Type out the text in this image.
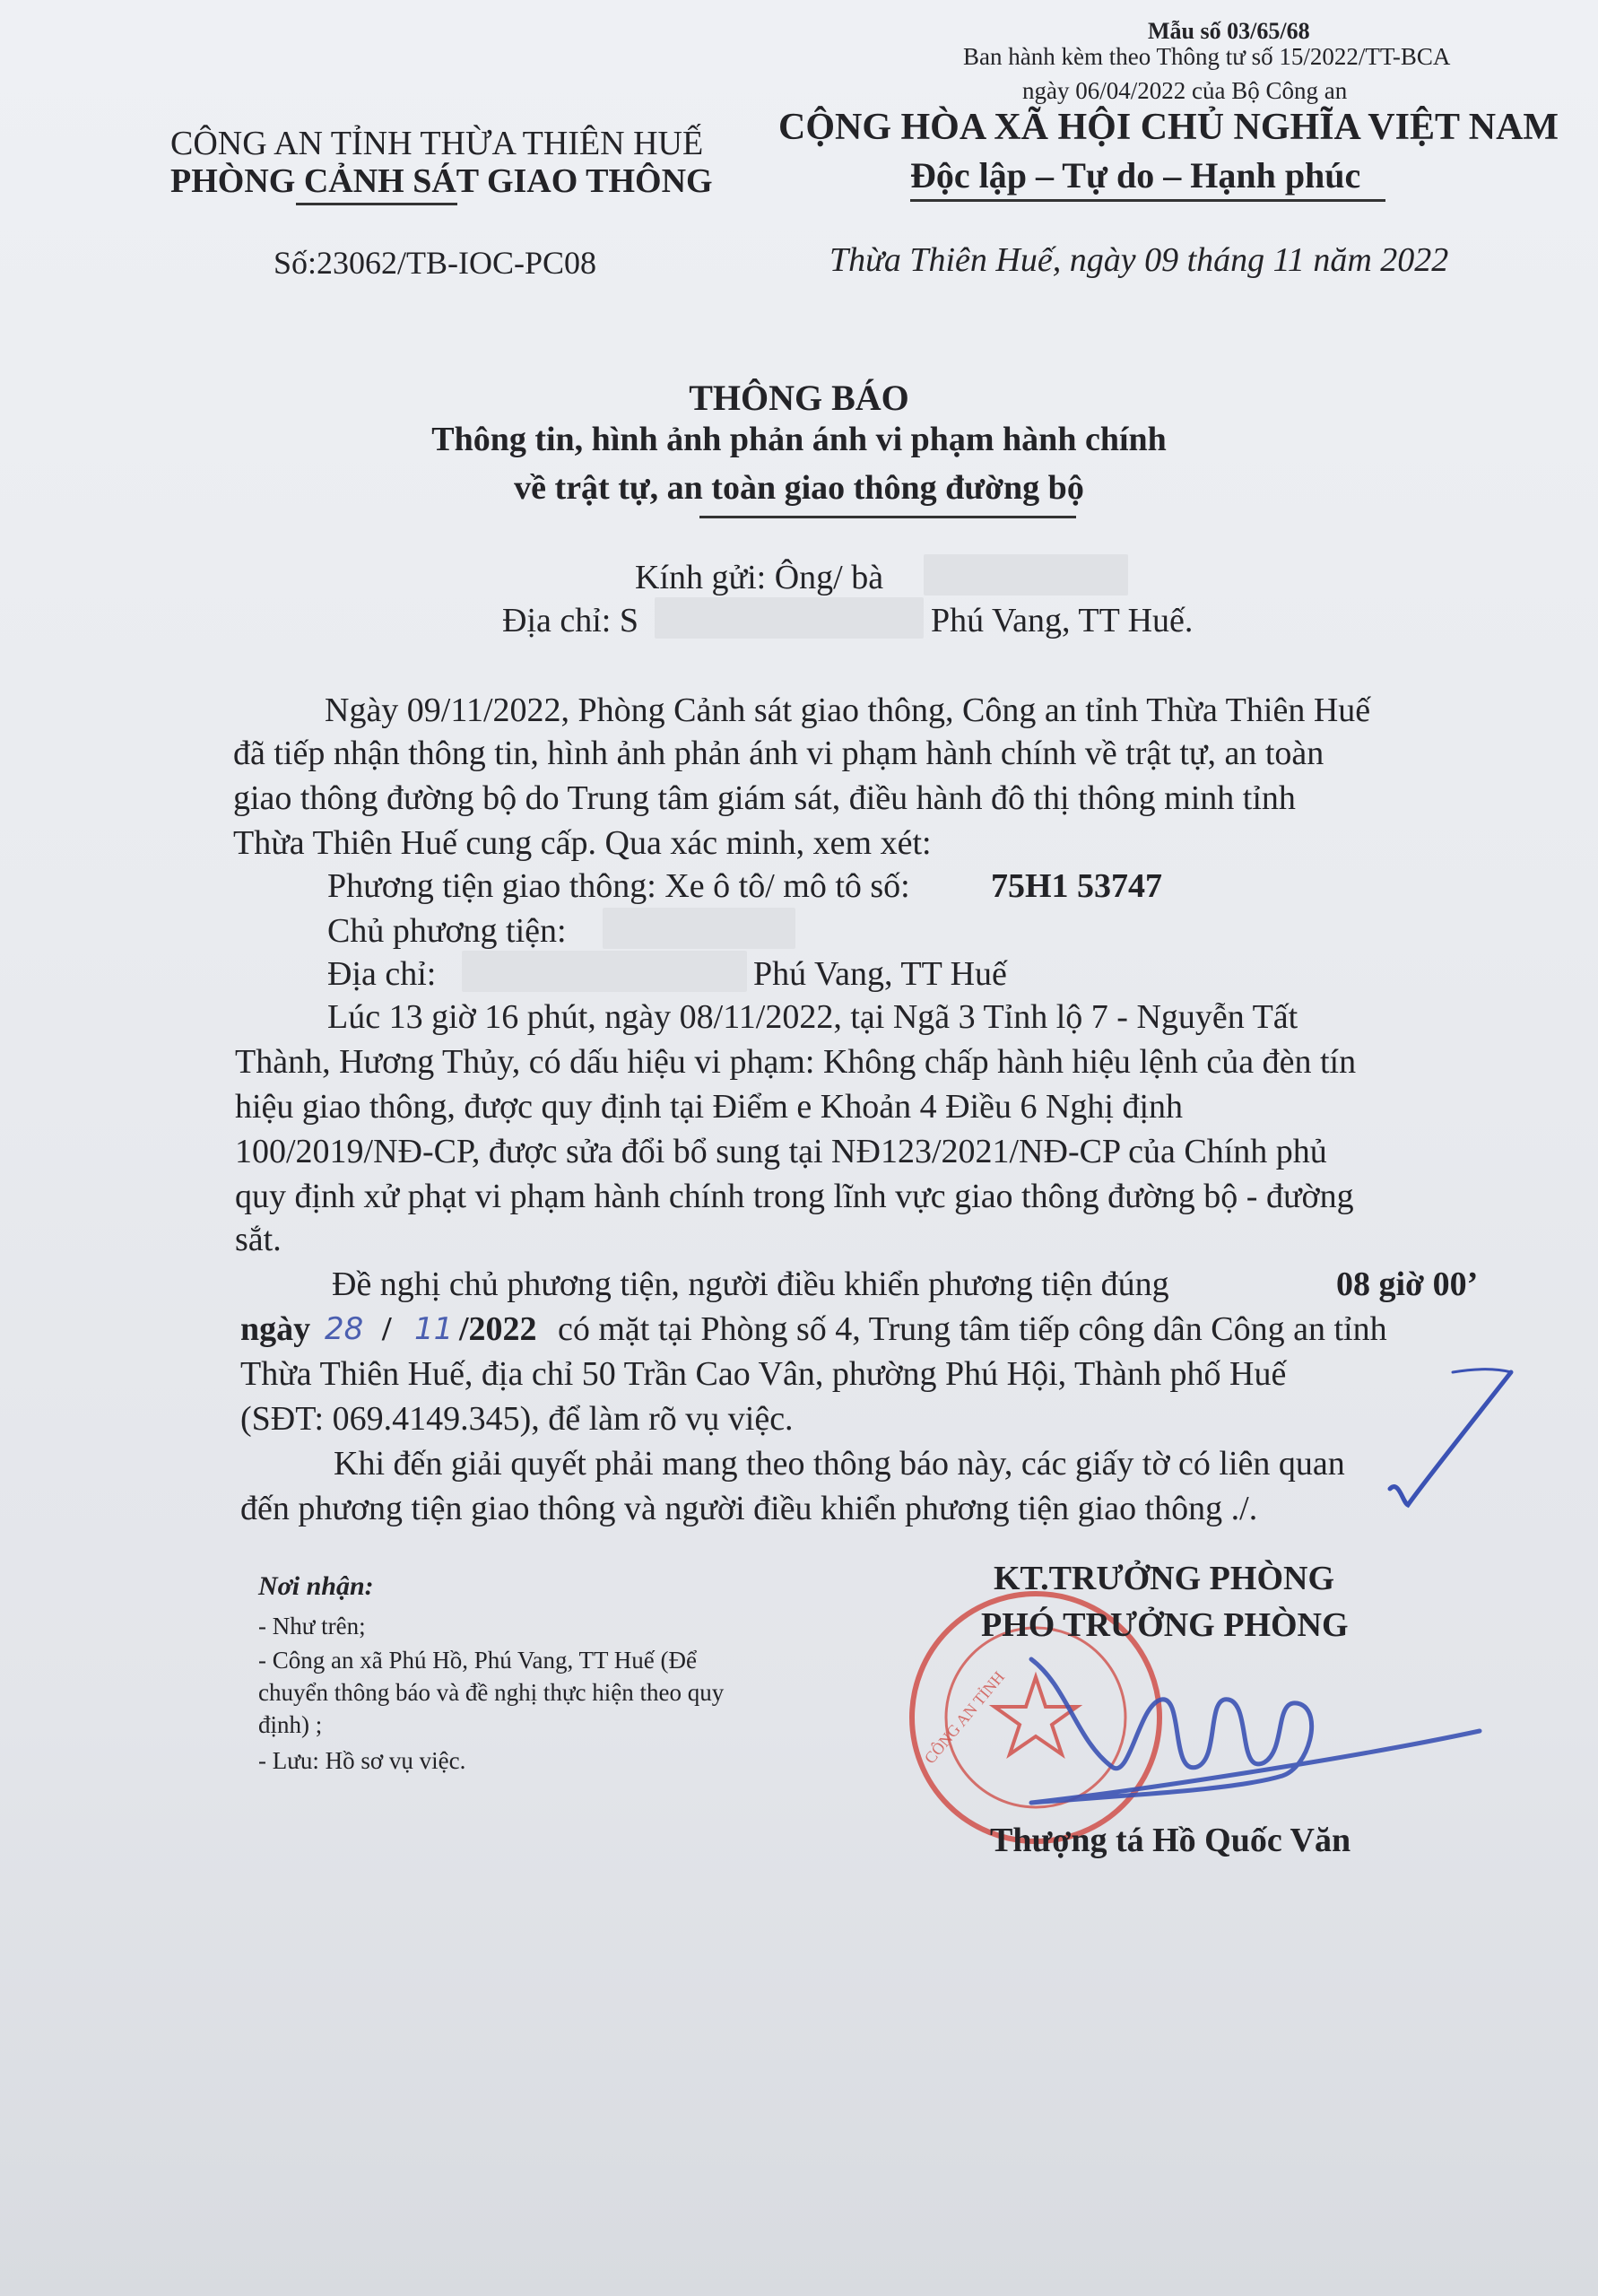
Mẫu số 03/65/68
Ban hành kèm theo Thông tư số 15/2022/TT-BCA
ngày 06/04/2022 của Bộ Công an
CÔNG AN TỈNH THỪA THIÊN HUẾ
PHÒNG CẢNH SÁT GIAO THÔNG
CỘNG HÒA XÃ HỘI CHỦ NGHĨA VIỆT NAM
Độc lập – Tự do – Hạnh phúc
Số:23062/TB-IOC-PC08	Thừa Thiên Huế, ngày 09 tháng 11 năm 2022
THÔNG BÁO
Thông tin, hình ảnh phản ánh vi phạm hành chính
về trật tự, an toàn giao thông đường bộ
Kính gửi: Ông/ bà
Địa chỉ: S	Phú Vang, TT Huế.
Ngày 09/11/2022, Phòng Cảnh sát giao thông, Công an tỉnh Thừa Thiên Huế
đã tiếp nhận thông tin, hình ảnh phản ánh vi phạm hành chính về trật tự, an toàn
giao thông đường bộ do Trung tâm giám sát, điều hành đô thị thông minh tỉnh
Thừa Thiên Huế cung cấp. Qua xác minh, xem xét:
Phương tiện giao thông: Xe ô tô/ mô tô số: 75H1 53747
Chủ phương tiện:
Địa chỉ:	Phú Vang, TT Huế
Lúc 13 giờ 16 phút, ngày 08/11/2022, tại Ngã 3 Tỉnh lộ 7 - Nguyễn Tất
Thành, Hương Thủy, có dấu hiệu vi phạm: Không chấp hành hiệu lệnh của đèn tín
hiệu giao thông, được quy định tại Điểm e Khoản 4 Điều 6 Nghị định
100/2019/NĐ-CP, được sửa đổi bổ sung tại NĐ123/2021/NĐ-CP của Chính phủ
quy định xử phạt vi phạm hành chính trong lĩnh vực giao thông đường bộ - đường
sắt.
Đề nghị chủ phương tiện, người điều khiển phương tiện đúng	08 giờ 00’
ngày 28 / 11 /2022 có mặt tại Phòng số 4, Trung tâm tiếp công dân Công an tỉnh
Thừa Thiên Huế, địa chỉ 50 Trần Cao Vân, phường Phú Hội, Thành phố Huế
(SĐT: 069.4149.345), để làm rõ vụ việc.
Khi đến giải quyết phải mang theo thông báo này, các giấy tờ có liên quan
đến phương tiện giao thông và người điều khiển phương tiện giao thông ./.
Nơi nhận:
- Như trên;
- Công an xã Phú Hồ, Phú Vang, TT Huế (Để
chuyển thông báo và đề nghị thực hiện theo quy
định) ;
- Lưu: Hồ sơ vụ việc.	CÔNG AN TỈNH
KT.TRƯỞNG PHÒNG
PHÓ TRƯỞNG PHÒNG
Thượng tá Hồ Quốc Văn
